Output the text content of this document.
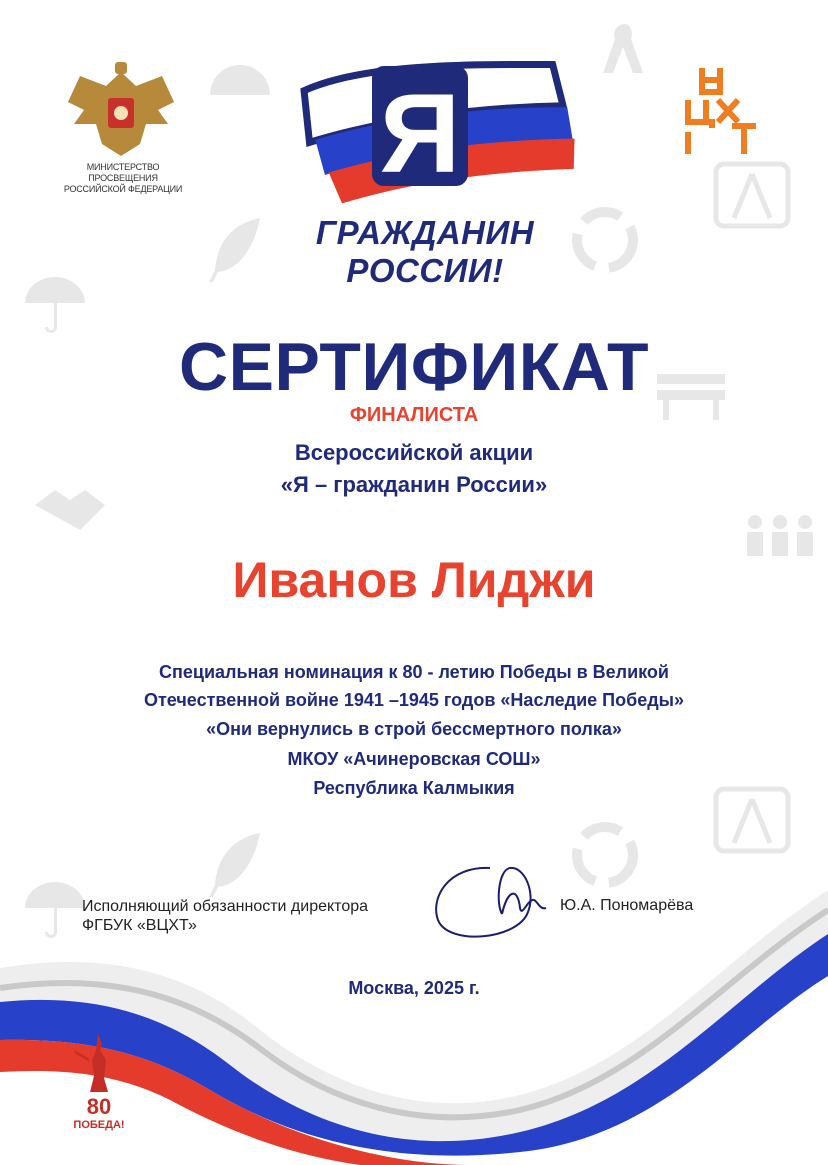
МИНИСТЕРСТВО ПРОСВЕЩЕНИЯ
РОССИЙСКОЙ ФЕДЕРАЦИИ Я
ГРАЖДАНИН
РОССИИ!
СЕРТИФИКАТ
ФИНАЛИСТА
Всероссийской акции
«Я – гражданин России»
Иванов Лиджи
Специальная номинация к 80 - летию Победы в Великой
Отечественной войне 1941 –1945 годов «Наследие Победы»
«Они вернулись в строй бессмертного полка»
МКОУ «Ачинеровская СОШ»
Республика Калмыкия
Исполняющий обязанности директора
ФГБУК «ВЦХТ»
Ю.А. Пономарёва
Москва, 2025 г.
80
ПОБЕДА!
